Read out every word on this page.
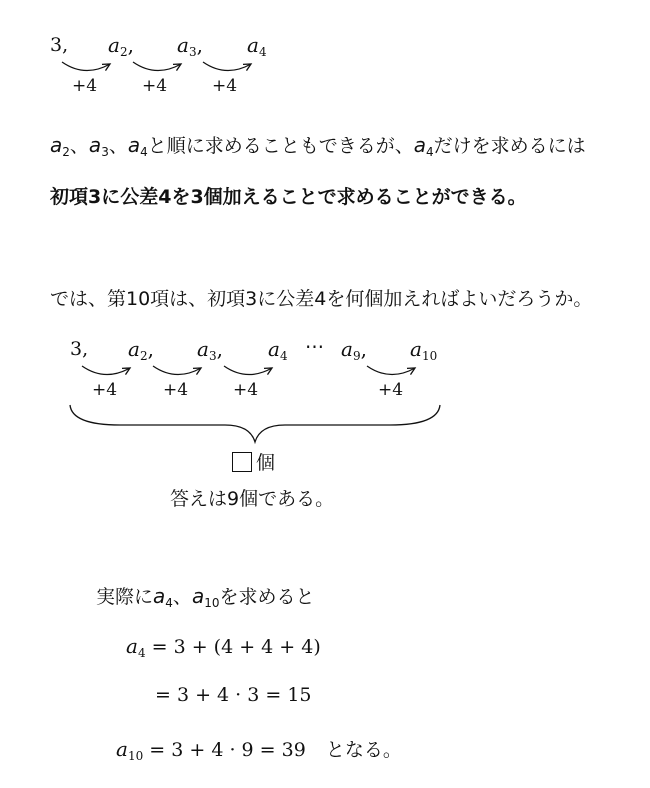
3, $a_2$, $a_3$, $a_4$
+4	+4	+4
$a_2$、$a_3$、$a_4$と順に求めることもできるが、$a_4$だけを求めるには
初項3に公差4を3個加えることで求めることができる。
では、第10項は、初項3に公差4を何個加えればよいだろうか。
3, $a_2$, $a_3$, $a_4$ ⋯ $a_9$, $a_{10}$
+4	+4	+4	+4
個
答えは9個である。
実際に$a_4$、$a_{10}$を求めると
$a_4 = 3 + (4 + 4 + 4)$
= 3 + 4 · 3 = 15
$a_{10} = 3 + 4 \cdot 9 = 39$ となる。
